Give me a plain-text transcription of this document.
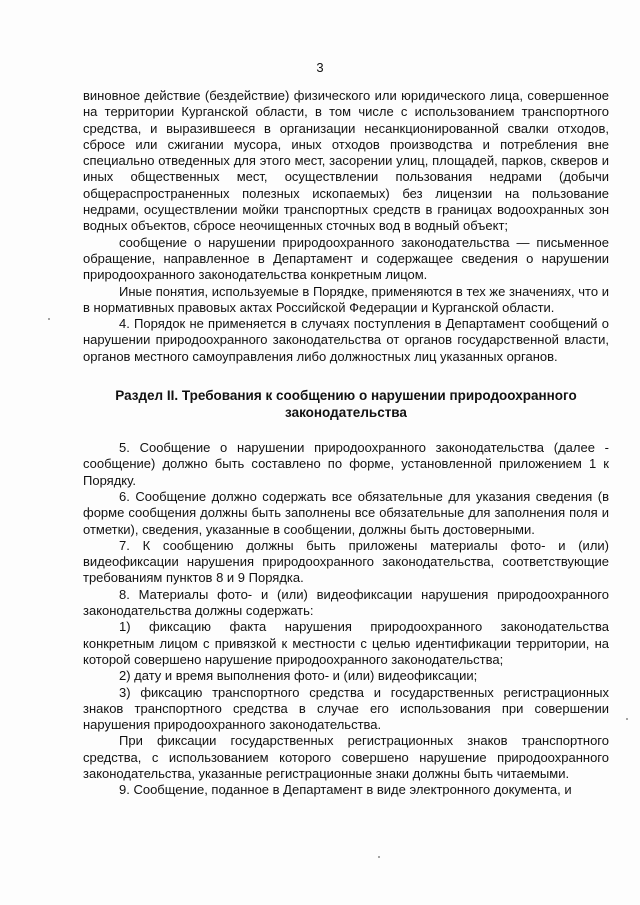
3

виновное действие (бездействие) физического или юридического лица, совершенное на территории Курганской области, в том числе с использованием транспортного средства, и выразившееся в организации несанкционированной свалки отходов, сбросе или сжигании мусора, иных отходов производства и потребления вне специально отведенных для этого мест, засорении улиц, площадей, парков, скверов и иных общественных мест, осуществлении пользования недрами (добычи общераспространенных полезных ископаемых) без лицензии на пользование недрами, осуществлении мойки транспортных средств в границах водоохранных зон водных объектов, сбросе неочищенных сточных вод в водный объект;

сообщение о нарушении природоохранного законодательства — письменное обращение, направленное в Департамент и содержащее сведения о нарушении природоохранного законодательства конкретным лицом.

Иные понятия, используемые в Порядке, применяются в тех же значениях, что и в нормативных правовых актах Российской Федерации и Курганской области.

4. Порядок не применяется в случаях поступления в Департамент сообщений о нарушении природоохранного законодательства от органов государственной власти, органов местного самоуправления либо должностных лиц указанных органов.

Раздел II. Требования к сообщению о нарушении природоохранного
законодательства

5. Сообщение о нарушении природоохранного законодательства (далее - сообщение) должно быть составлено по форме, установленной приложением 1 к Порядку.

6. Сообщение должно содержать все обязательные для указания сведения (в форме сообщения должны быть заполнены все обязательные для заполнения поля и отметки), сведения, указанные в сообщении, должны быть достоверными.

7. К сообщению должны быть приложены материалы фото- и (или) видеофиксации нарушения природоохранного законодательства, соответствующие требованиям пунктов 8 и 9 Порядка.

8. Материалы фото- и (или) видеофиксации нарушения природоохранного законодательства должны содержать:

1) фиксацию факта нарушения природоохранного законодательства конкретным лицом с привязкой к местности с целью идентификации территории, на которой совершено нарушение природоохранного законодательства;

2) дату и время выполнения фото- и (или) видеофиксации;

3) фиксацию транспортного средства и государственных регистрационных знаков транспортного средства в случае его использования при совершении нарушения природоохранного законодательства.

При фиксации государственных регистрационных знаков транспортного средства, с использованием которого совершено нарушение природоохранного законодательства, указанные регистрационные знаки должны быть читаемыми.

9. Сообщение, поданное в Департамент в виде электронного документа, и
